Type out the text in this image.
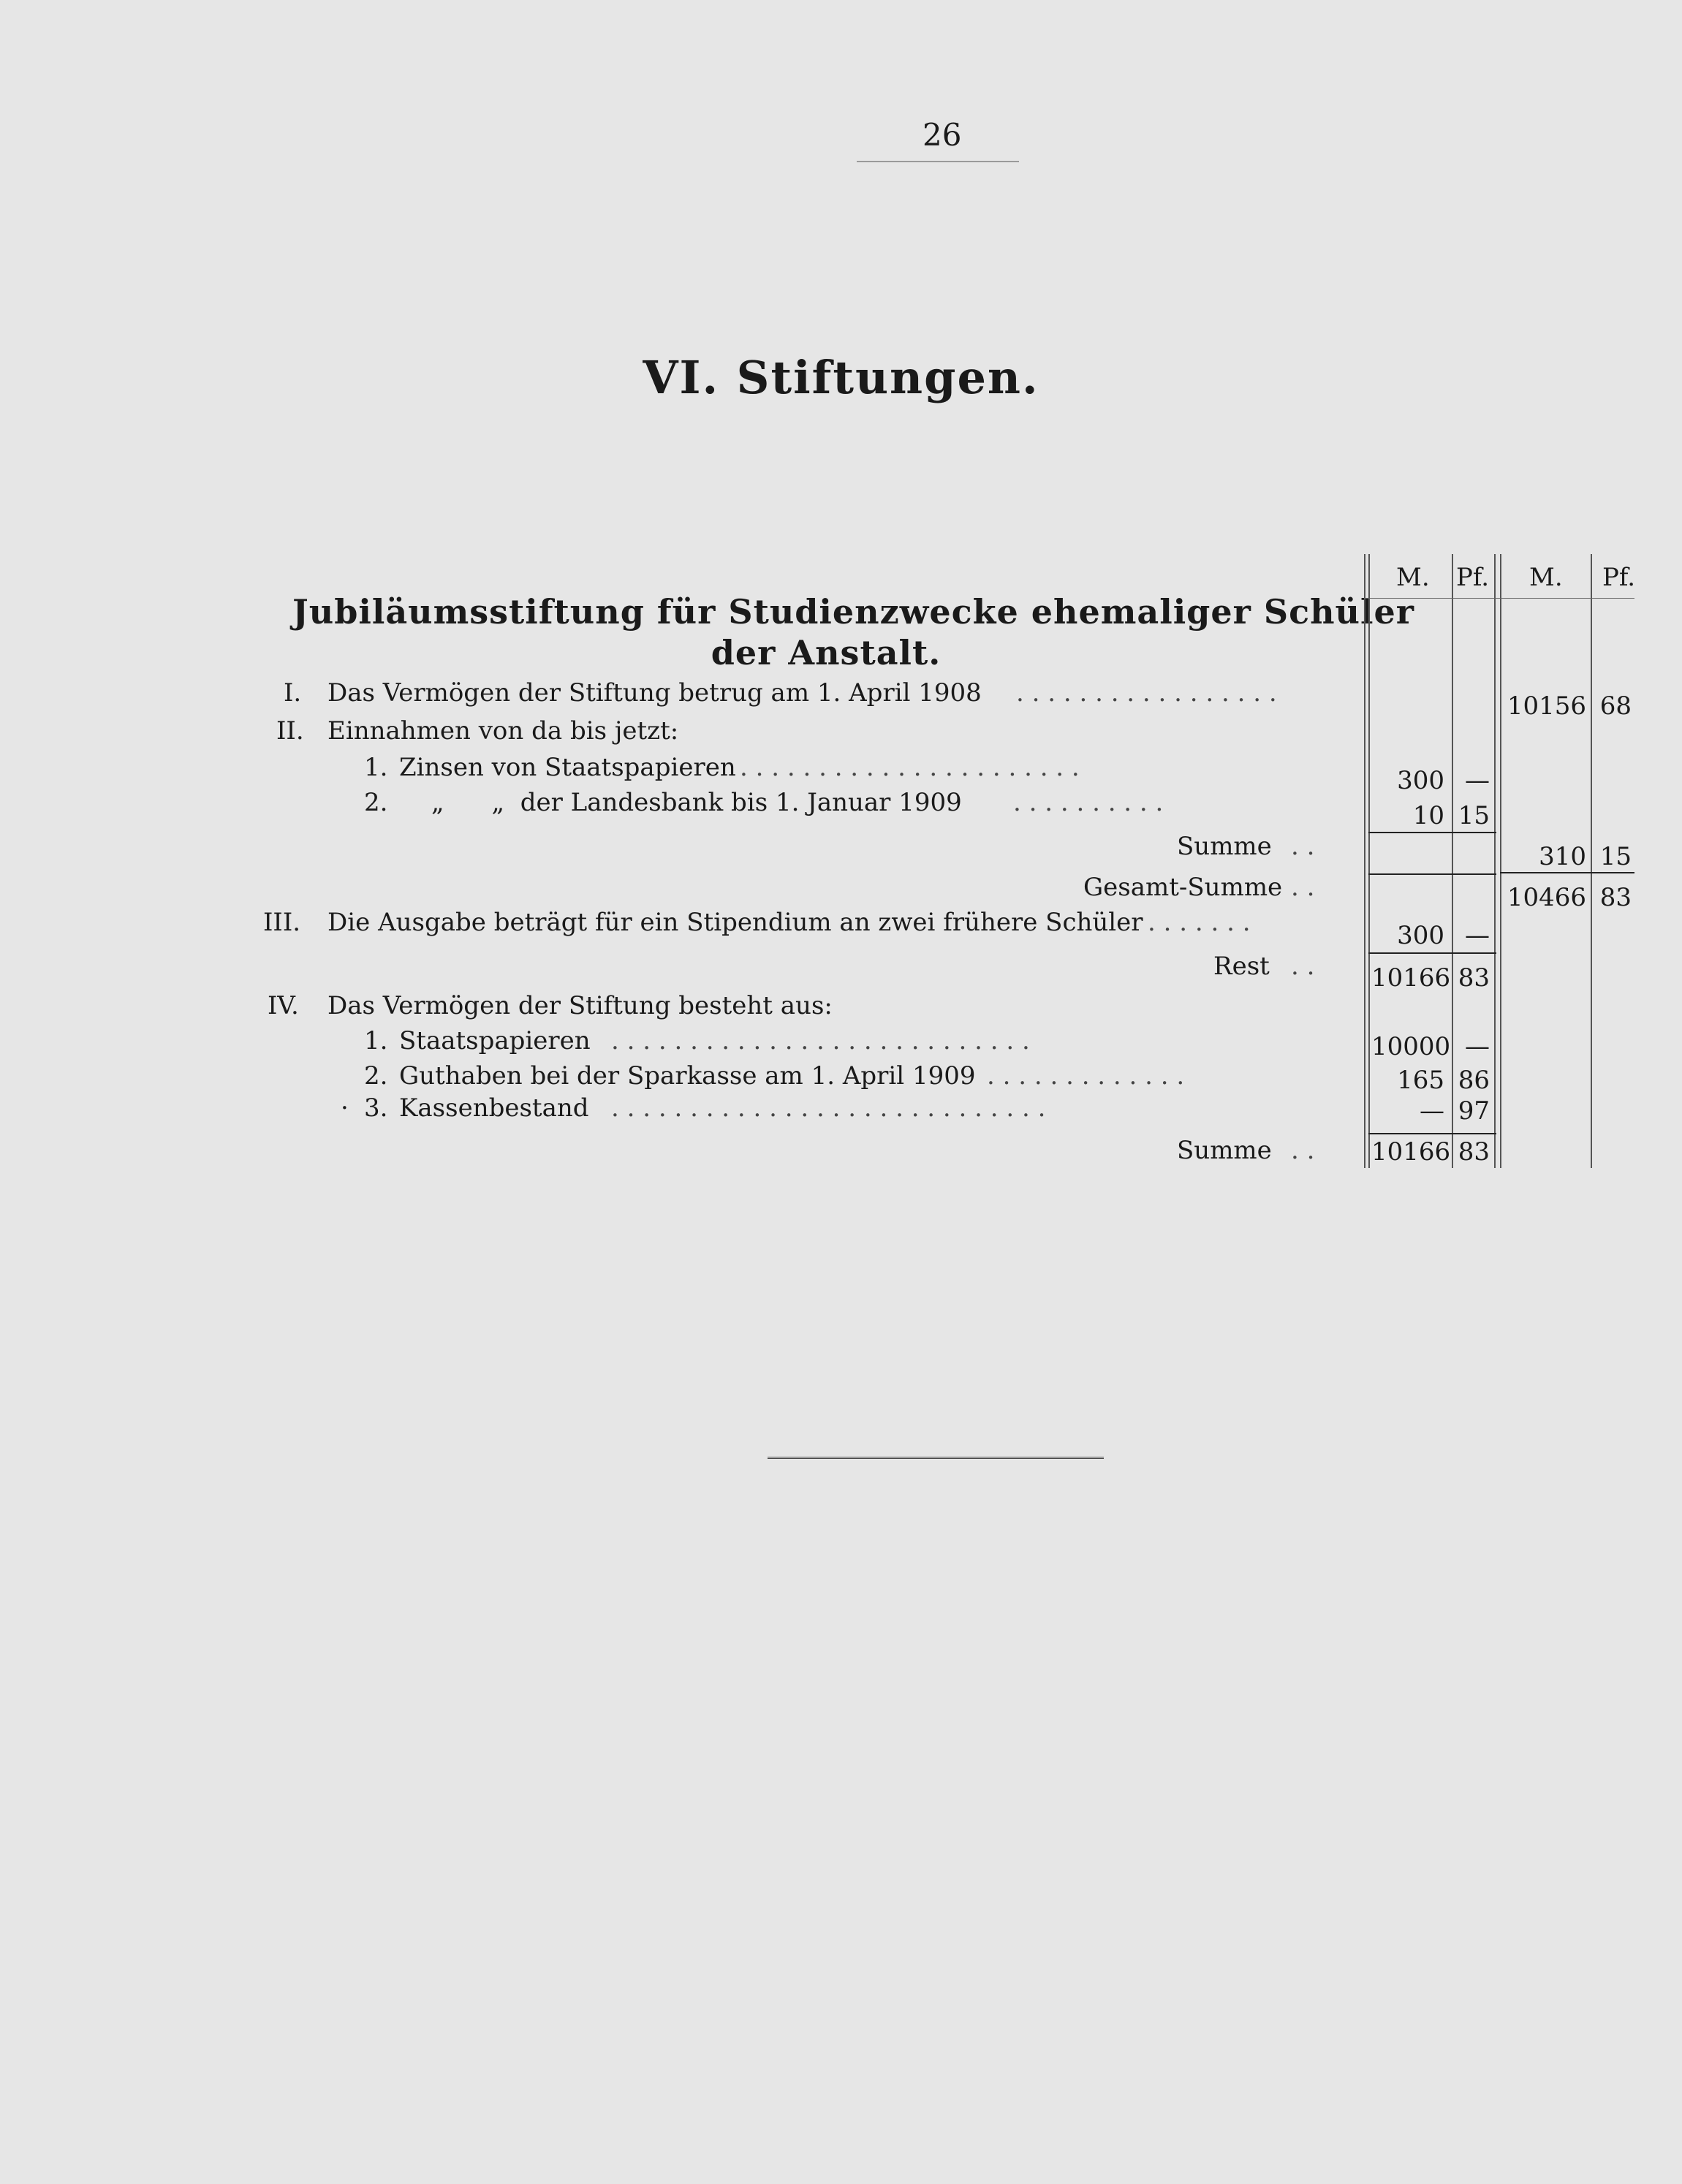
26
VI. Stiftungen.
Jubiläumsstiftung für Studienzwecke ehemaliger Schüler
der Anstalt.
M. Pf. M. Pf.
I. Das Vermögen der Stiftung betrug am 1. April 1908 . . . . . . . . . . . . . . . . .	10156 68
II. Einnahmen von da bis jetzt:
1. Zinsen von Staatspapieren . . . . . . . . . . . . . . . . . . . . . .	300 —
2. „      „  der Landesbank bis 1. Januar 1909 . . . . . . . . . .	10 15
Summe . .	310 15
Gesamt-Summe . .	10466 83
III. Die Ausgabe beträgt für ein Stipendium an zwei frühere Schüler . . . . . . .	300 —
Rest . . 10166 83
IV. Das Vermögen der Stiftung besteht aus:
1. Staatspapieren . . . . . . . . . . . . . . . . . . . . . . . . . . .	10000 —
2. Guthaben bei der Sparkasse am 1. April 1909 . . . . . . . . . . . . .	165 86
· 3. Kassenbestand . . . . . . . . . . . . . . . . . . . . . . . . . . . .	— 97
Summe . . 10166 83
